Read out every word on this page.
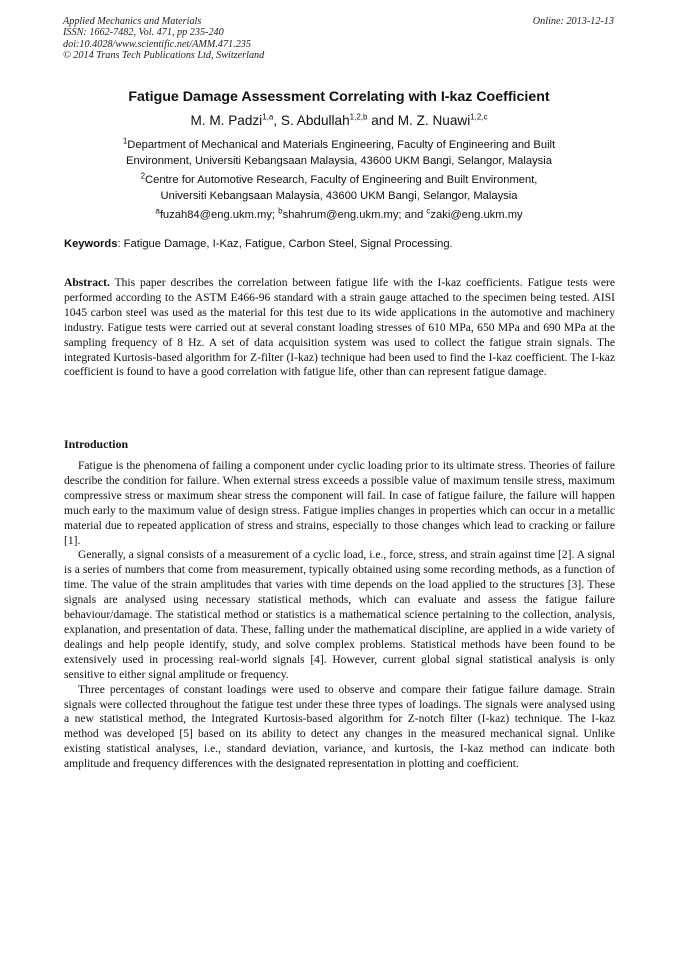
Applied Mechanics and Materials
ISSN: 1662-7482, Vol. 471, pp 235-240
doi:10.4028/www.scientific.net/AMM.471.235
© 2014 Trans Tech Publications Ltd, Switzerland
Online: 2013-12-13
Fatigue Damage Assessment Correlating with I-kaz Coefficient
M. M. Padzi$^{1,a}$, S. Abdullah$^{1,2,b}$ and M. Z. Nuawi$^{1,2,c}$
$^1$Department of Mechanical and Materials Engineering, Faculty of Engineering and Built
Environment, Universiti Kebangsaan Malaysia, 43600 UKM Bangi, Selangor, Malaysia
$^2$Centre for Automotive Research, Faculty of Engineering and Built Environment,
Universiti Kebangsaan Malaysia, 43600 UKM Bangi, Selangor, Malaysia
$^a$fuzah84@eng.ukm.my; $^b$shahrum@eng.ukm.my; and $^c$zaki@eng.ukm.my
Keywords: Fatigue Damage, I-Kaz, Fatigue, Carbon Steel, Signal Processing.
Abstract. This paper describes the correlation between fatigue life with the I-kaz coefficients. Fatigue tests were performed according to the ASTM E466-96 standard with a strain gauge attached to the specimen being tested. AISI 1045 carbon steel was used as the material for this test due to its wide applications in the automotive and machinery industry. Fatigue tests were carried out at several constant loading stresses of 610 MPa, 650 MPa and 690 MPa at the sampling frequency of 8 Hz. A set of data acquisition system was used to collect the fatigue strain signals. The integrated Kurtosis-based algorithm for Z-filter (I-kaz) technique had been used to find the I-kaz coefficient. The I-kaz coefficient is found to have a good correlation with fatigue life, other than can represent fatigue damage.
Introduction

Fatigue is the phenomena of failing a component under cyclic loading prior to its ultimate stress. Theories of failure describe the condition for failure. When external stress exceeds a possible value of maximum tensile stress, maximum compressive stress or maximum shear stress the component will fail. In case of fatigue failure, the failure will happen much early to the maximum value of design stress. Fatigue implies changes in properties which can occur in a metallic material due to repeated application of stress and strains, especially to those changes which lead to cracking or failure [1].

Generally, a signal consists of a measurement of a cyclic load, i.e., force, stress, and strain against time [2]. A signal is a series of numbers that come from measurement, typically obtained using some recording methods, as a function of time. The value of the strain amplitudes that varies with time depends on the load applied to the structures [3]. These signals are analysed using necessary statistical methods, which can evaluate and assess the fatigue failure behaviour/damage. The statistical method or statistics is a mathematical science pertaining to the collection, analysis, explanation, and presentation of data. These, falling under the mathematical discipline, are applied in a wide variety of dealings and help people identify, study, and solve complex problems. Statistical methods have been found to be extensively used in processing real-world signals [4]. However, current global signal statistical analysis is only sensitive to either signal amplitude or frequency.

Three percentages of constant loadings were used to observe and compare their fatigue failure damage. Strain signals were collected throughout the fatigue test under these three types of loadings. The signals were analysed using a new statistical method, the Integrated Kurtosis-based algorithm for Z-notch filter (I-kaz) technique. The I-kaz method was developed [5] based on its ability to detect any changes in the measured mechanical signal. Unlike existing statistical analyses, i.e., standard deviation, variance, and kurtosis, the I-kaz method can indicate both amplitude and frequency differences with the designated representation in plotting and coefficient.
